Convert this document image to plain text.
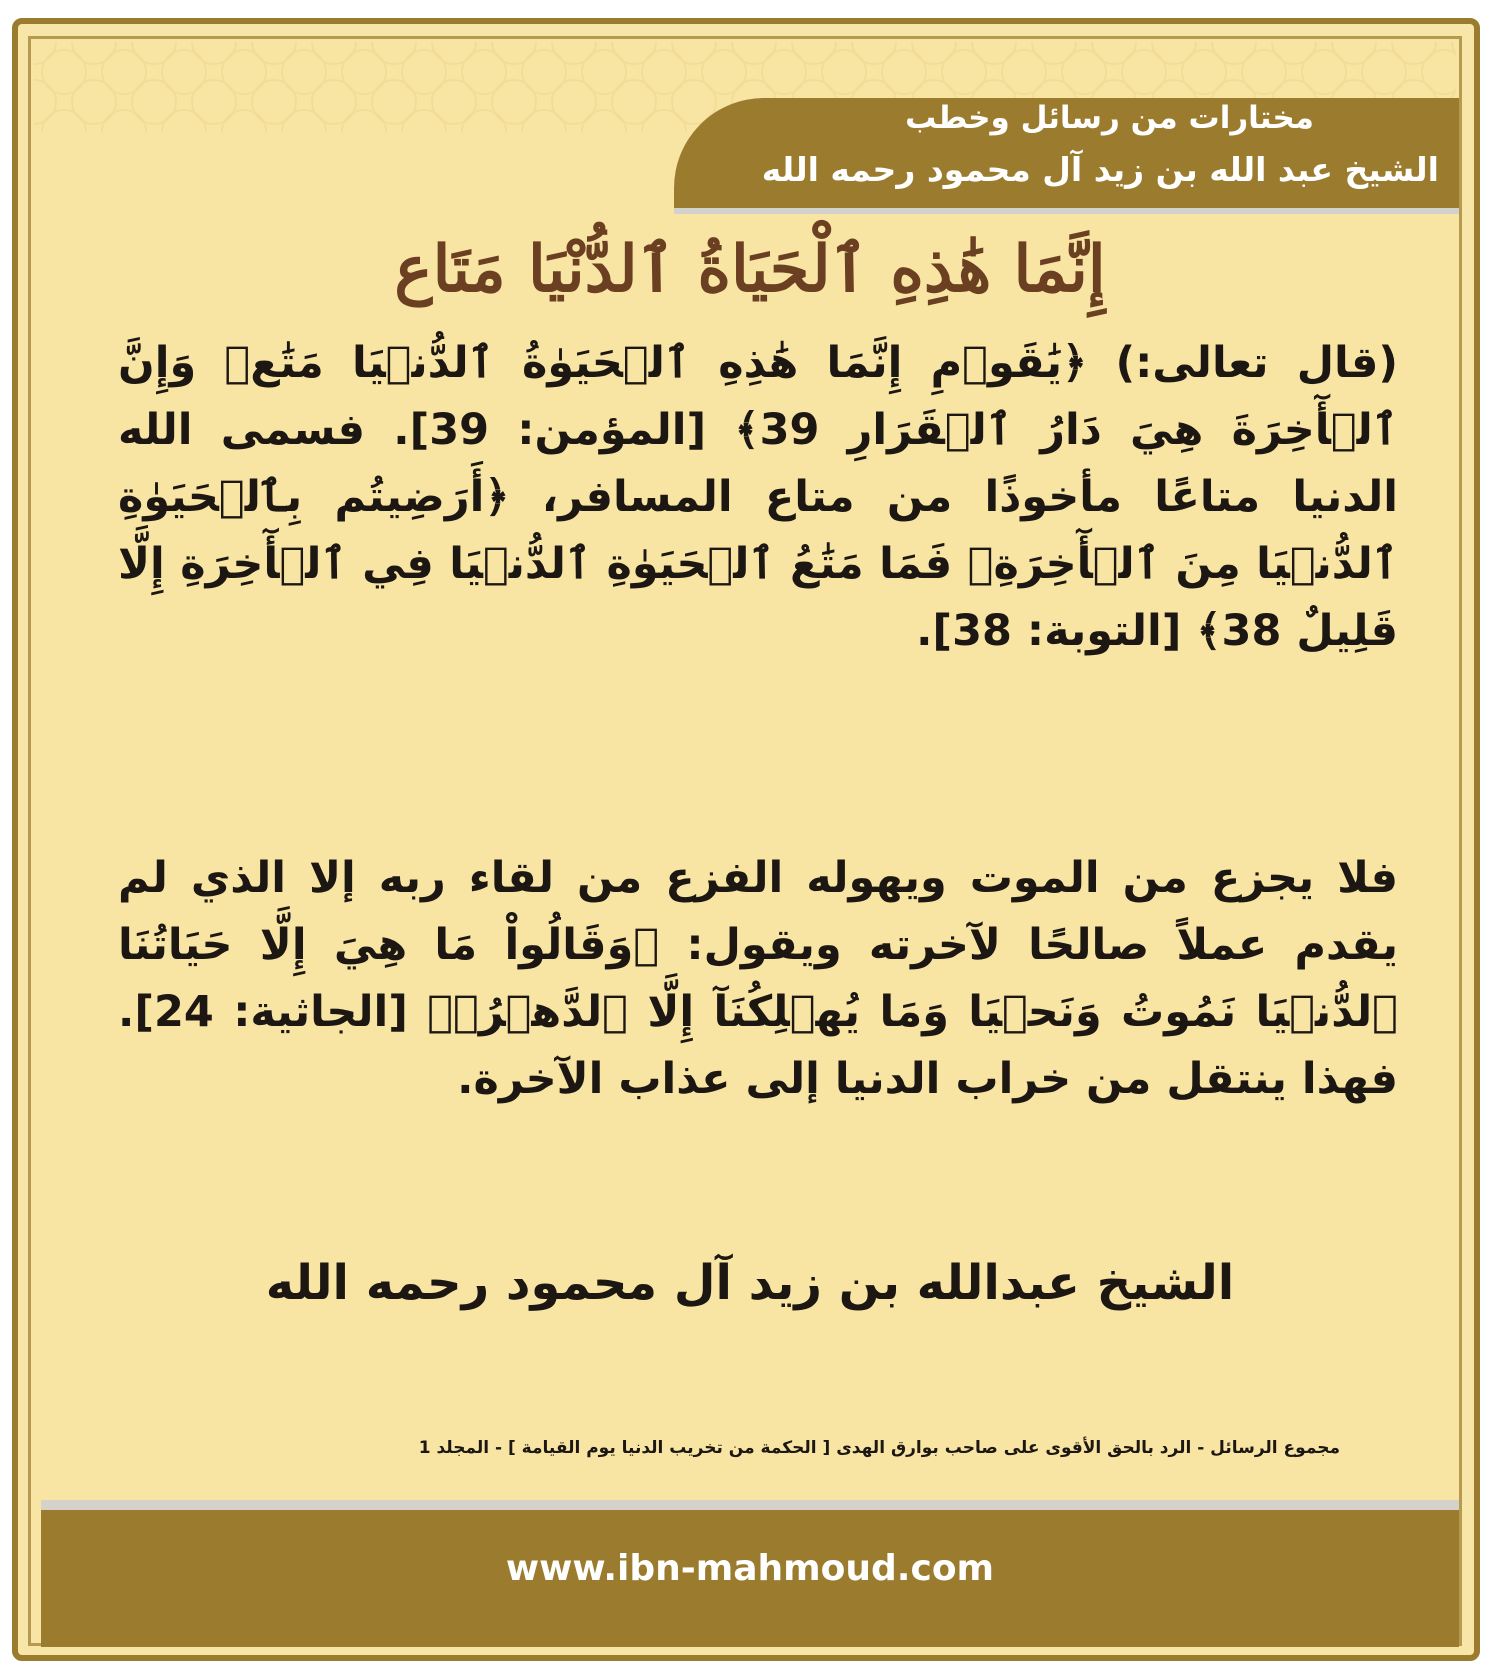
مختارات من رسائل وخطب
الشيخ عبد الله بن زيد آل محمود رحمه الله
إِنَّمَا هَٰذِهِ ٱلْحَيَاةُ ٱلدُّنْيَا مَتَاع
(قال تعالى:) ﴿يَٰقَوۡمِ إِنَّمَا هَٰذِهِ ٱلۡحَيَوٰةُ ٱلدُّنۡيَا مَتَٰعٞ وَإِنَّ ٱلۡأٓخِرَةَ هِيَ دَارُ ٱلۡقَرَارِ 39﴾ [المؤمن: 39]. فسمى الله الدنيا متاعًا مأخوذًا من متاع المسافر، ﴿أَرَضِيتُم بِٱلۡحَيَوٰةِ ٱلدُّنۡيَا مِنَ ٱلۡأٓخِرَةِۚ فَمَا مَتَٰعُ ٱلۡحَيَوٰةِ ٱلدُّنۡيَا فِي ٱلۡأٓخِرَةِ إِلَّا قَلِيلٌ 38﴾ [التوبة: 38].
فلا يجزع من الموت ويهوله الفزع من لقاء ربه إلا الذي لم يقدم عملاً صالحًا لآخرته ويقول: ﴿وَقَالُواْ مَا هِيَ إِلَّا حَيَاتُنَا ٱلدُّنۡيَا نَمُوتُ وَنَحۡيَا وَمَا يُهۡلِكُنَآ إِلَّا ٱلدَّهۡرُۚ﴾ [الجاثية: 24]. فهذا ينتقل من خراب الدنيا إلى عذاب الآخرة.
الشيخ عبدالله بن زيد آل محمود رحمه الله
مجموع الرسائل - الرد بالحق الأقوى على صاحب بوارق الهدى [ الحكمة من تخريب الدنيا يوم القيامة ] - المجلد 1
www.ibn-mahmoud.com
